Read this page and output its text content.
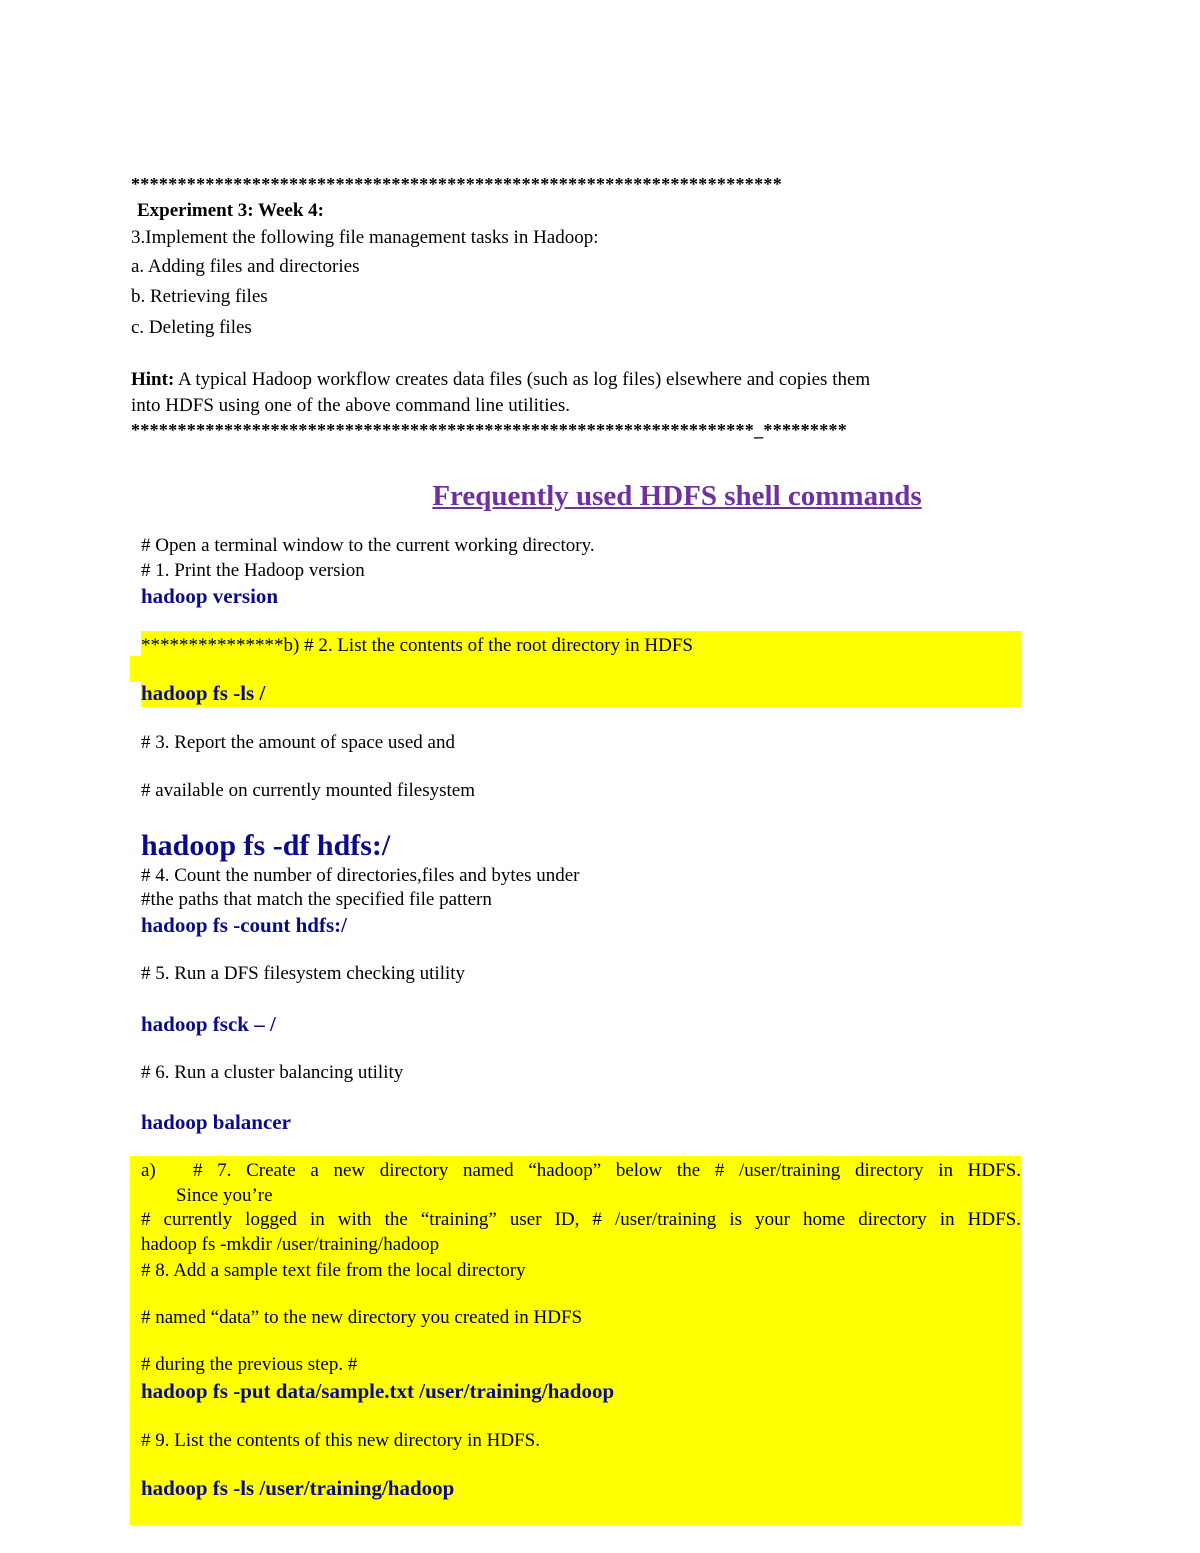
**********************************************************************
Experiment 3: Week 4:
3.Implement the following file management tasks in Hadoop:
a. Adding files and directories
b. Retrieving files
c. Deleting files
Hint: A typical Hadoop workflow creates data files (such as log files) elsewhere and copies them
into HDFS using one of the above command line utilities.
*******************************************************************_*********
Frequently used HDFS shell commands
# Open a terminal window to the current working directory.
# 1. Print the Hadoop version
hadoop version
***************b) # 2. List the contents of the root directory in HDFS
hadoop fs -ls /
# 3. Report the amount of space used and
# available on currently mounted filesystem
hadoop fs -df hdfs:/
# 4. Count the number of directories,files and bytes under
#the paths that match the specified file pattern
hadoop fs -count hdfs:/
# 5. Run a DFS filesystem checking utility
hadoop fsck – /
# 6. Run a cluster balancing utility
hadoop balancer
a) # 7. Create a new directory named “hadoop” below the # /user/training directory in HDFS.
Since you’re
# currently logged in with the “training” user ID, # /user/training is your home directory in HDFS.
hadoop fs -mkdir /user/training/hadoop
# 8. Add a sample text file from the local directory
# named “data” to the new directory you created in HDFS
# during the previous step. #
hadoop fs -put data/sample.txt /user/training/hadoop
# 9. List the contents of this new directory in HDFS.
hadoop fs -ls /user/training/hadoop
